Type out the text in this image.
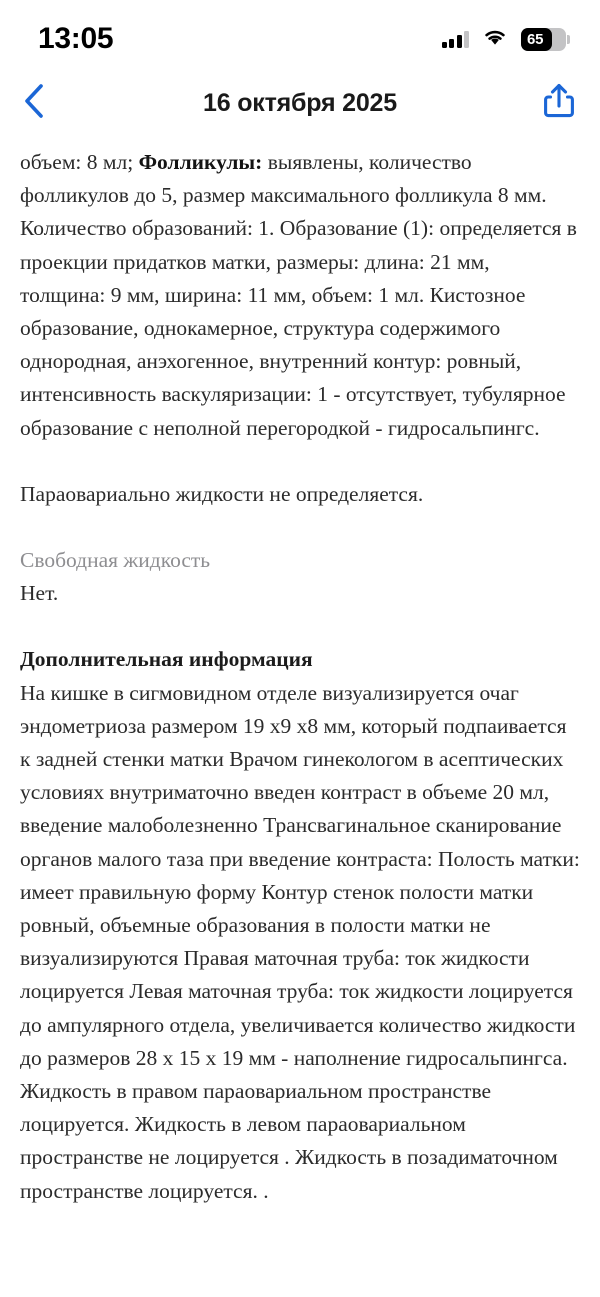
13:05	65
16 октября 2025

объем: 8 мл; Фолликулы: выявлены, количество фолликулов до 5, размер максимального фолликула 8 мм. Количество образований: 1. Образование (1): определяется в проекции придатков матки, размеры: длина: 21 мм, толщина: 9 мм, ширина: 11 мм, объем: 1 мл. Кистозное образование, однокамерное, структура содержимого однородная, анэхогенное, внутренний контур: ровный, интенсивность васкуляризации: 1 - отсутствует, тубулярное образование с неполной перегородкой - гидросальпингс.

Параовариально жидкости не определяется.

Свободная жидкость

Нет.

Дополнительная информация

На кишке в сигмовидном отделе визуализируется очаг эндометриоза размером 19 x9 x8 мм, который подпаивается к задней стенки матки Врачом гинекологом в асептических условиях внутриматочно введен контраст в объеме 20 мл, введение малоболезненно Трансвагинальное сканирование органов малого таза при введение контраста: Полость матки: имеет правильную форму Контур стенок полости матки ровный, объемные образования в полости матки не визуализируются Правая маточная труба: ток жидкости лоцируется Левая маточная труба: ток жидкости лоцируется до ампулярного отдела, увеличивается количество жидкости до размеров 28 x 15 x 19 мм - наполнение гидросальпингса. Жидкость в правом параовариальном пространстве лоцируется. Жидкость в левом параовариальном пространстве не лоцируется . Жидкость в позадиматочном пространстве лоцируется. .
